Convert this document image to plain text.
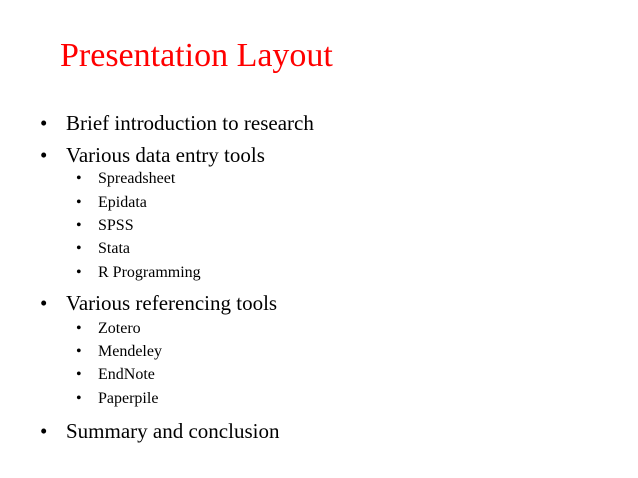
Presentation Layout
• Brief introduction to research
• Various data entry tools
• Spreadsheet
• Epidata
• SPSS
• Stata
• R Programming
• Various referencing tools
• Zotero
• Mendeley
• EndNote
• Paperpile
• Summary and conclusion
